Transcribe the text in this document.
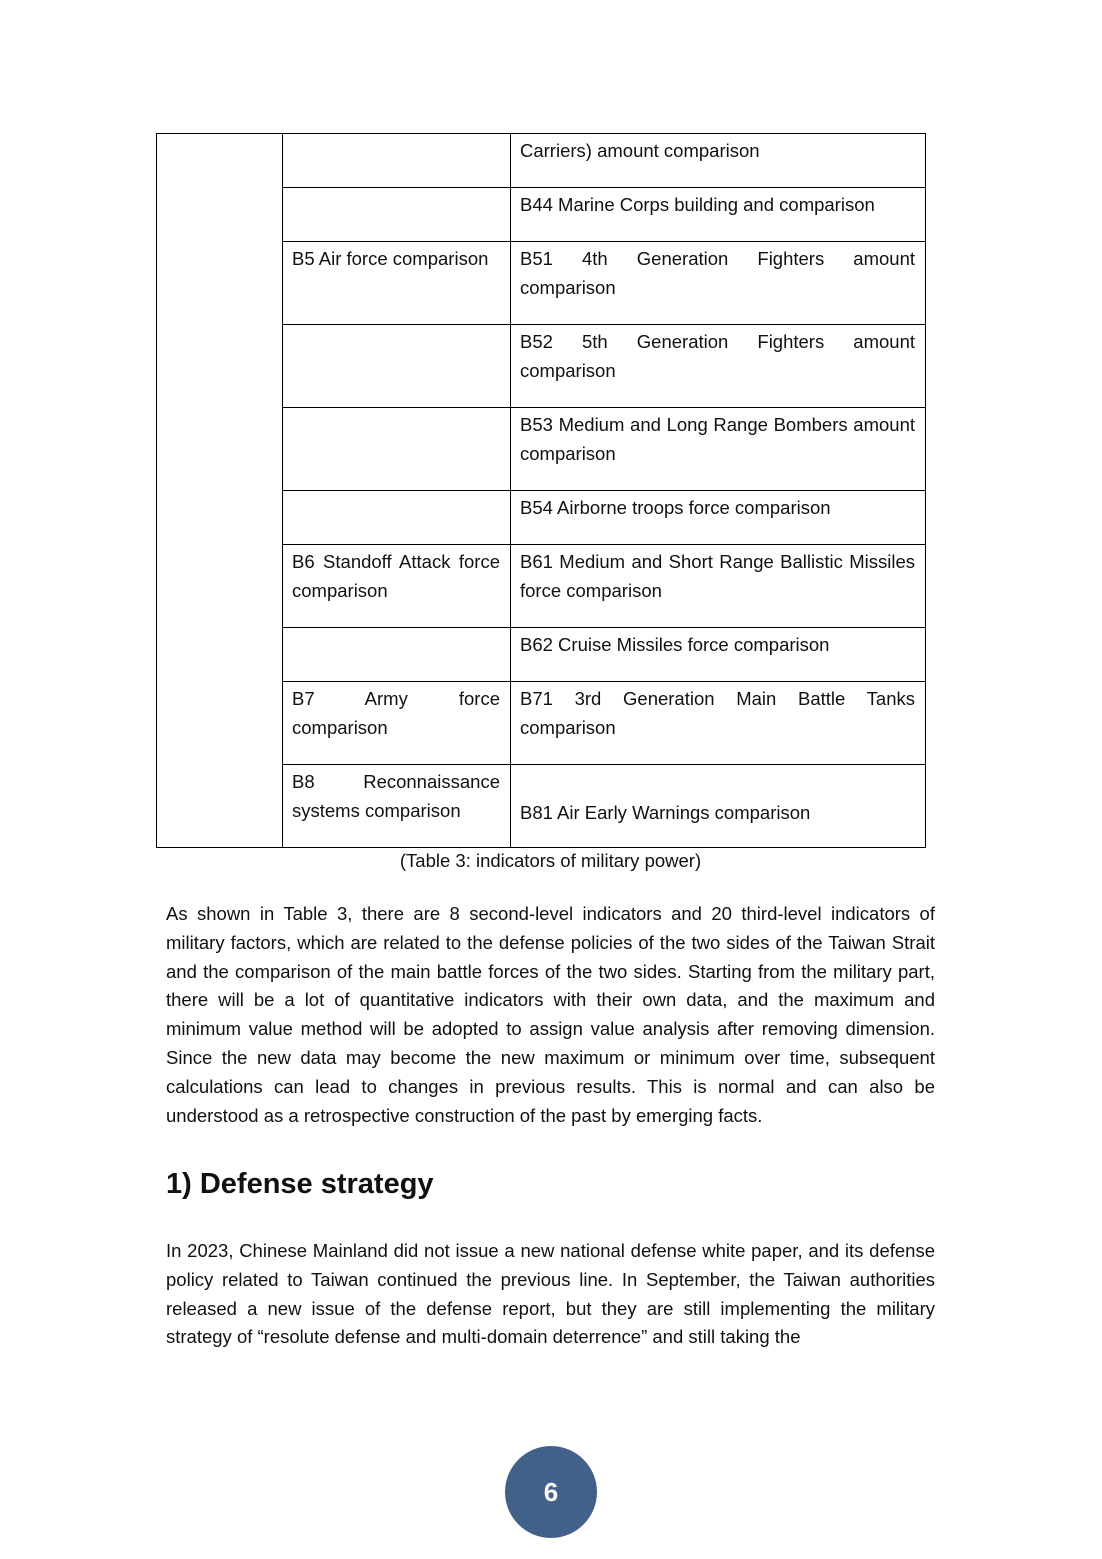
		Carriers) amount comparison
		B44 Marine Corps building and comparison
	B5 Air force comparison	B51 4th Generation Fighters amount comparison
		B52 5th Generation Fighters amount comparison
		B53 Medium and Long Range Bombers amount comparison
		B54 Airborne troops force comparison
	B6 Standoff Attack force comparison	B61 Medium and Short Range Ballistic Missiles force comparison
		B62 Cruise Missiles force comparison
	B7 Army force comparison	B71 3rd Generation Main Battle Tanks comparison
	B8 Reconnaissance systems comparison	B81 Air Early Warnings comparison
(Table 3: indicators of military power)

As shown in Table 3, there are 8 second-level indicators and 20 third-level indicators of military factors, which are related to the defense policies of the two sides of the Taiwan Strait and the comparison of the main battle forces of the two sides. Starting from the military part, there will be a lot of quantitative indicators with their own data, and the maximum and minimum value method will be adopted to assign value analysis after removing dimension. Since the new data may become the new maximum or minimum over time, subsequent calculations can lead to changes in previous results. This is normal and can also be understood as a retrospective construction of the past by emerging facts.

1) Defense strategy

In 2023, Chinese Mainland did not issue a new national defense white paper, and its defense policy related to Taiwan continued the previous line. In September, the Taiwan authorities released a new issue of the defense report, but they are still implementing the military strategy of “resolute defense and multi-domain deterrence” and still taking the

6
